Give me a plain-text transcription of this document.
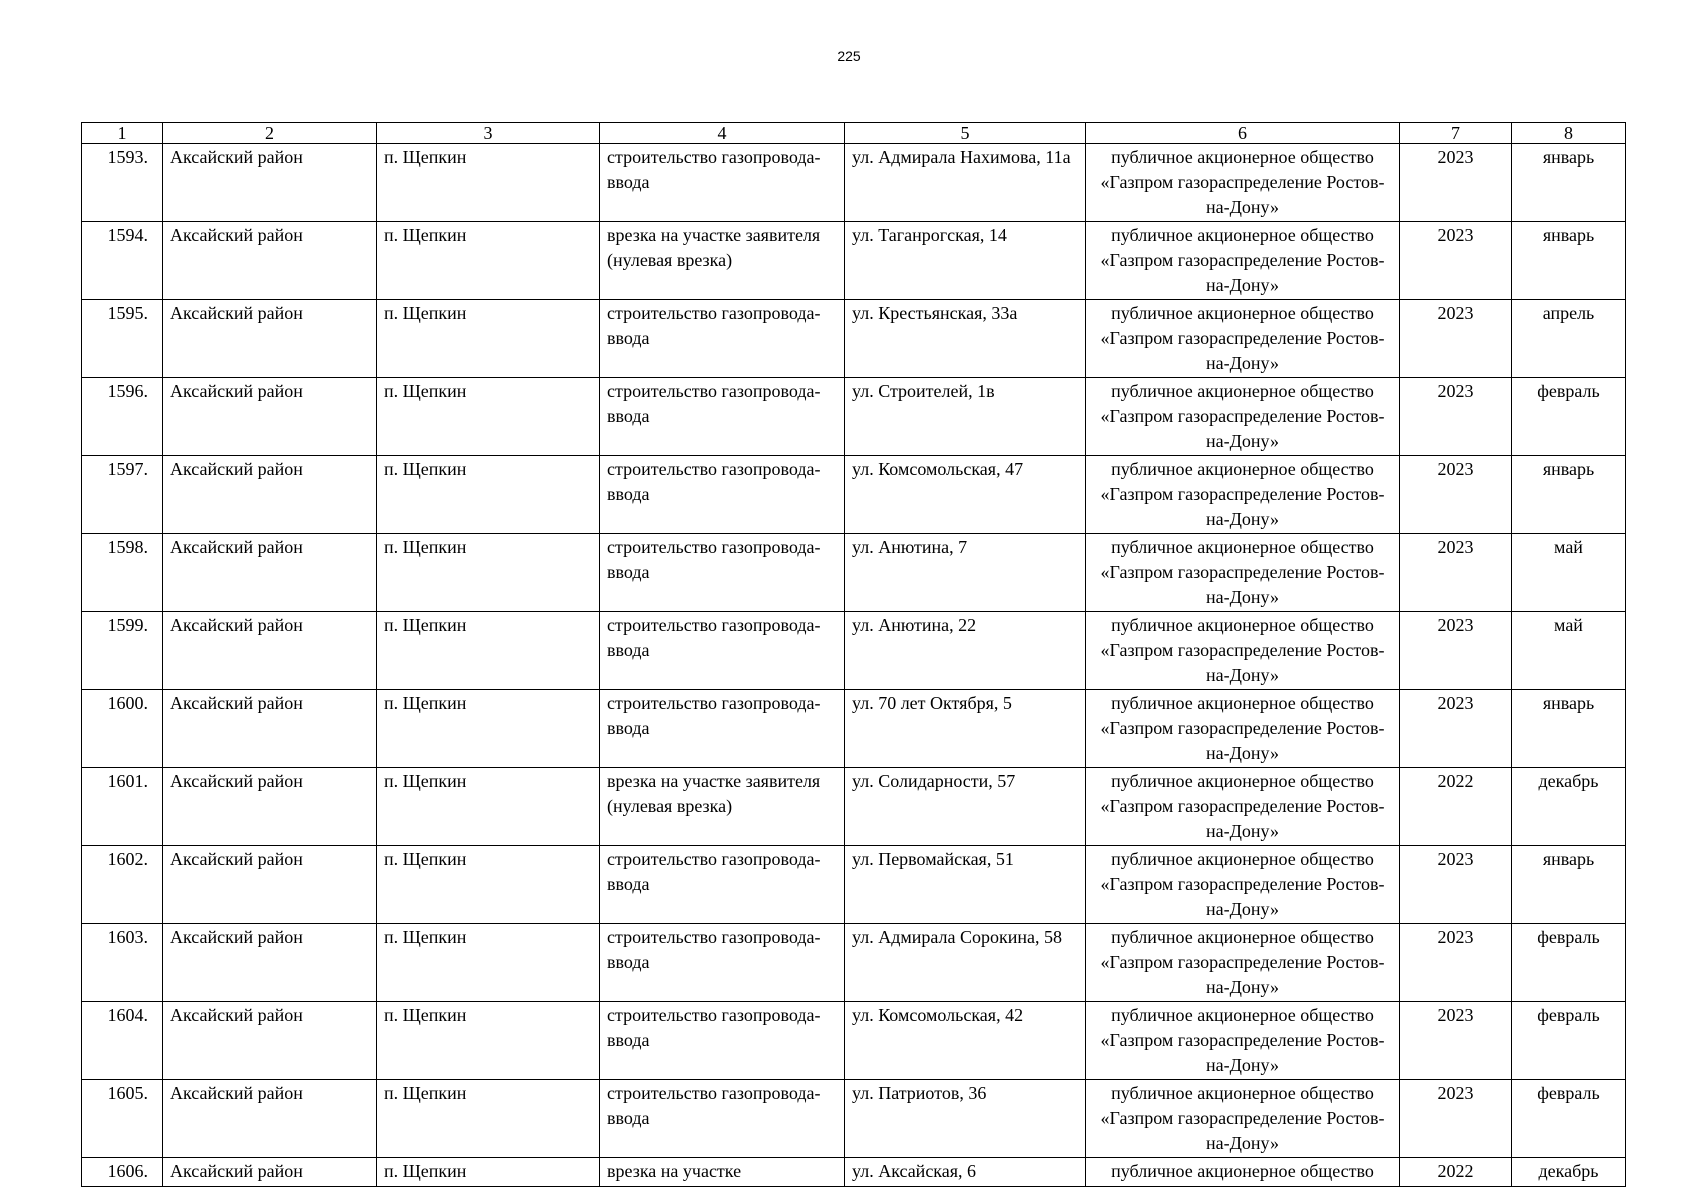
225
1	2	3	4	5	6	7	8
1593.	Аксайский район	п. Щепкин	строительство газопровода-ввода	ул. Адмирала Нахимова, 11а	публичное акционерное общество «Газпром газораспределение Ростов-на-Дону»	2023	январь
1594.	Аксайский район	п. Щепкин	врезка на участке заявителя (нулевая врезка)	ул. Таганрогская, 14	публичное акционерное общество «Газпром газораспределение Ростов-на-Дону»	2023	январь
1595.	Аксайский район	п. Щепкин	строительство газопровода-ввода	ул. Крестьянская, 33а	публичное акционерное общество «Газпром газораспределение Ростов-на-Дону»	2023	апрель
1596.	Аксайский район	п. Щепкин	строительство газопровода-ввода	ул. Строителей, 1в	публичное акционерное общество «Газпром газораспределение Ростов-на-Дону»	2023	февраль
1597.	Аксайский район	п. Щепкин	строительство газопровода-ввода	ул. Комсомольская, 47	публичное акционерное общество «Газпром газораспределение Ростов-на-Дону»	2023	январь
1598.	Аксайский район	п. Щепкин	строительство газопровода-ввода	ул. Анютина, 7	публичное акционерное общество «Газпром газораспределение Ростов-на-Дону»	2023	май
1599.	Аксайский район	п. Щепкин	строительство газопровода-ввода	ул. Анютина, 22	публичное акционерное общество «Газпром газораспределение Ростов-на-Дону»	2023	май
1600.	Аксайский район	п. Щепкин	строительство газопровода-ввода	ул. 70 лет Октября, 5	публичное акционерное общество «Газпром газораспределение Ростов-на-Дону»	2023	январь
1601.	Аксайский район	п. Щепкин	врезка на участке заявителя (нулевая врезка)	ул. Солидарности, 57	публичное акционерное общество «Газпром газораспределение Ростов-на-Дону»	2022	декабрь
1602.	Аксайский район	п. Щепкин	строительство газопровода-ввода	ул. Первомайская, 51	публичное акционерное общество «Газпром газораспределение Ростов-на-Дону»	2023	январь
1603.	Аксайский район	п. Щепкин	строительство газопровода-ввода	ул. Адмирала Сорокина, 58	публичное акционерное общество «Газпром газораспределение Ростов-на-Дону»	2023	февраль
1604.	Аксайский район	п. Щепкин	строительство газопровода-ввода	ул. Комсомольская, 42	публичное акционерное общество «Газпром газораспределение Ростов-на-Дону»	2023	февраль
1605.	Аксайский район	п. Щепкин	строительство газопровода-ввода	ул. Патриотов, 36	публичное акционерное общество «Газпром газораспределение Ростов-на-Дону»	2023	февраль
1606.	Аксайский район	п. Щепкин	врезка на участке	ул. Аксайская, 6	публичное акционерное общество	2022	декабрь
